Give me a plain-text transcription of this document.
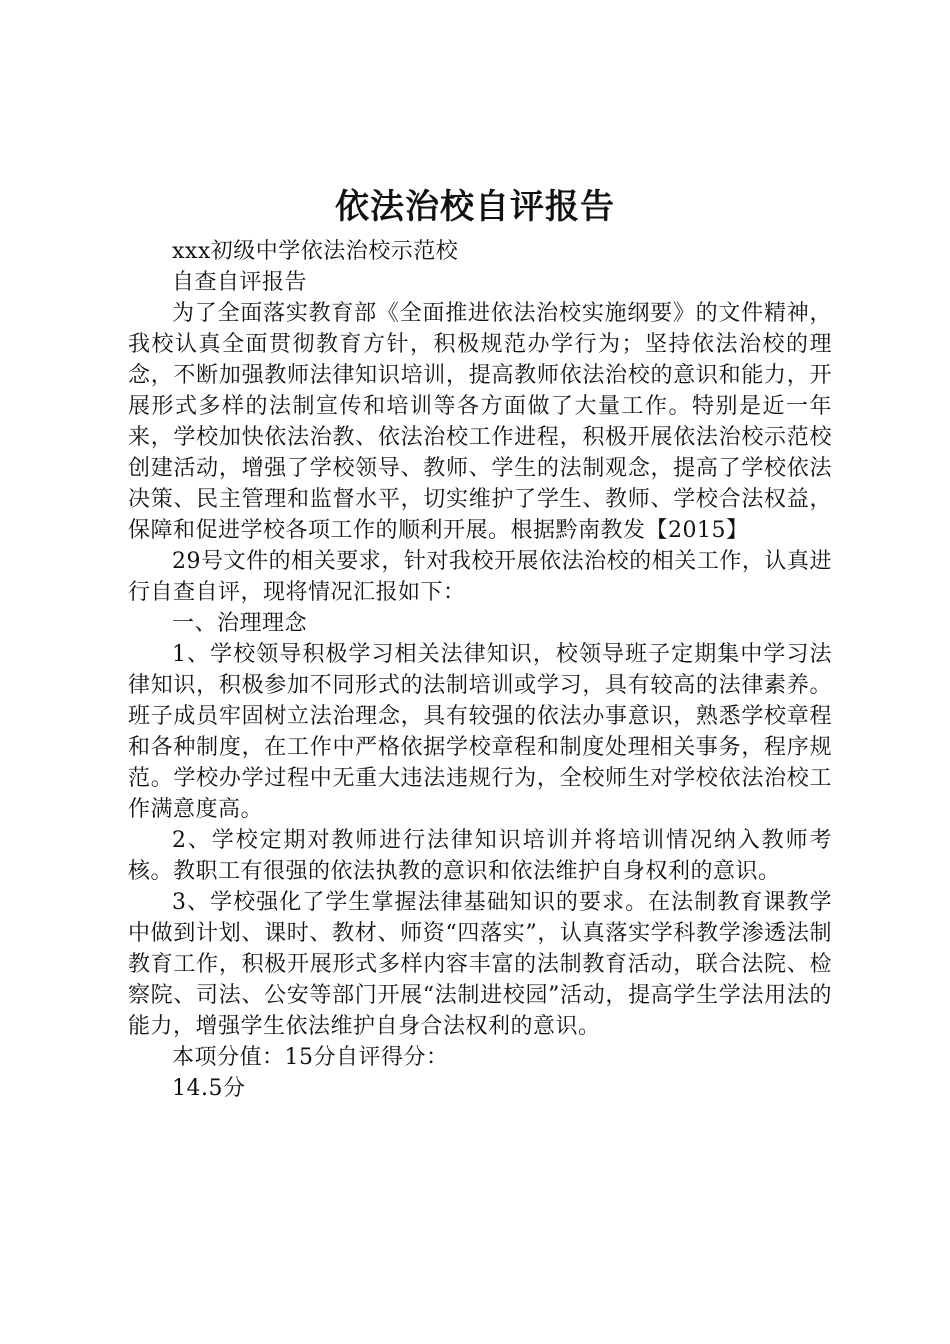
依法治校自评报告

xxx初级中学依法治校示范校

自查自评报告

为了全面落实教育部《全面推进依法治校实施纲要》的文件精神，我校认真全面贯彻教育方针，积极规范办学行为；坚持依法治校的理念，不断加强教师法律知识培训，提高教师依法治校的意识和能力，开展形式多样的法制宣传和培训等各方面做了大量工作。特别是近一年来，学校加快依法治教、依法治校工作进程，积极开展依法治校示范校创建活动，增强了学校领导、教师、学生的法制观念，提高了学校依法决策、民主管理和监督水平，切实维护了学生、教师、学校合法权益，保障和促进学校各项工作的顺利开展。根据黔南教发【2015】

29号文件的相关要求，针对我校开展依法治校的相关工作，认真进行自查自评，现将情况汇报如下：

一、治理理念

1、学校领导积极学习相关法律知识，校领导班子定期集中学习法律知识，积极参加不同形式的法制培训或学习，具有较高的法律素养。班子成员牢固树立法治理念，具有较强的依法办事意识，熟悉学校章程和各种制度，在工作中严格依据学校章程和制度处理相关事务，程序规范。学校办学过程中无重大违法违规行为，全校师生对学校依法治校工作满意度高。

2、学校定期对教师进行法律知识培训并将培训情况纳入教师考核。教职工有很强的依法执教的意识和依法维护自身权利的意识。

3、学校强化了学生掌握法律基础知识的要求。在法制教育课教学中做到计划、课时、教材、师资“四落实”，认真落实学科教学渗透法制教育工作，积极开展形式多样内容丰富的法制教育活动，联合法院、检察院、司法、公安等部门开展“法制进校园”活动，提高学生学法用法的能力，增强学生依法维护自身合法权利的意识。

本项分值：15分自评得分：

14.5分
